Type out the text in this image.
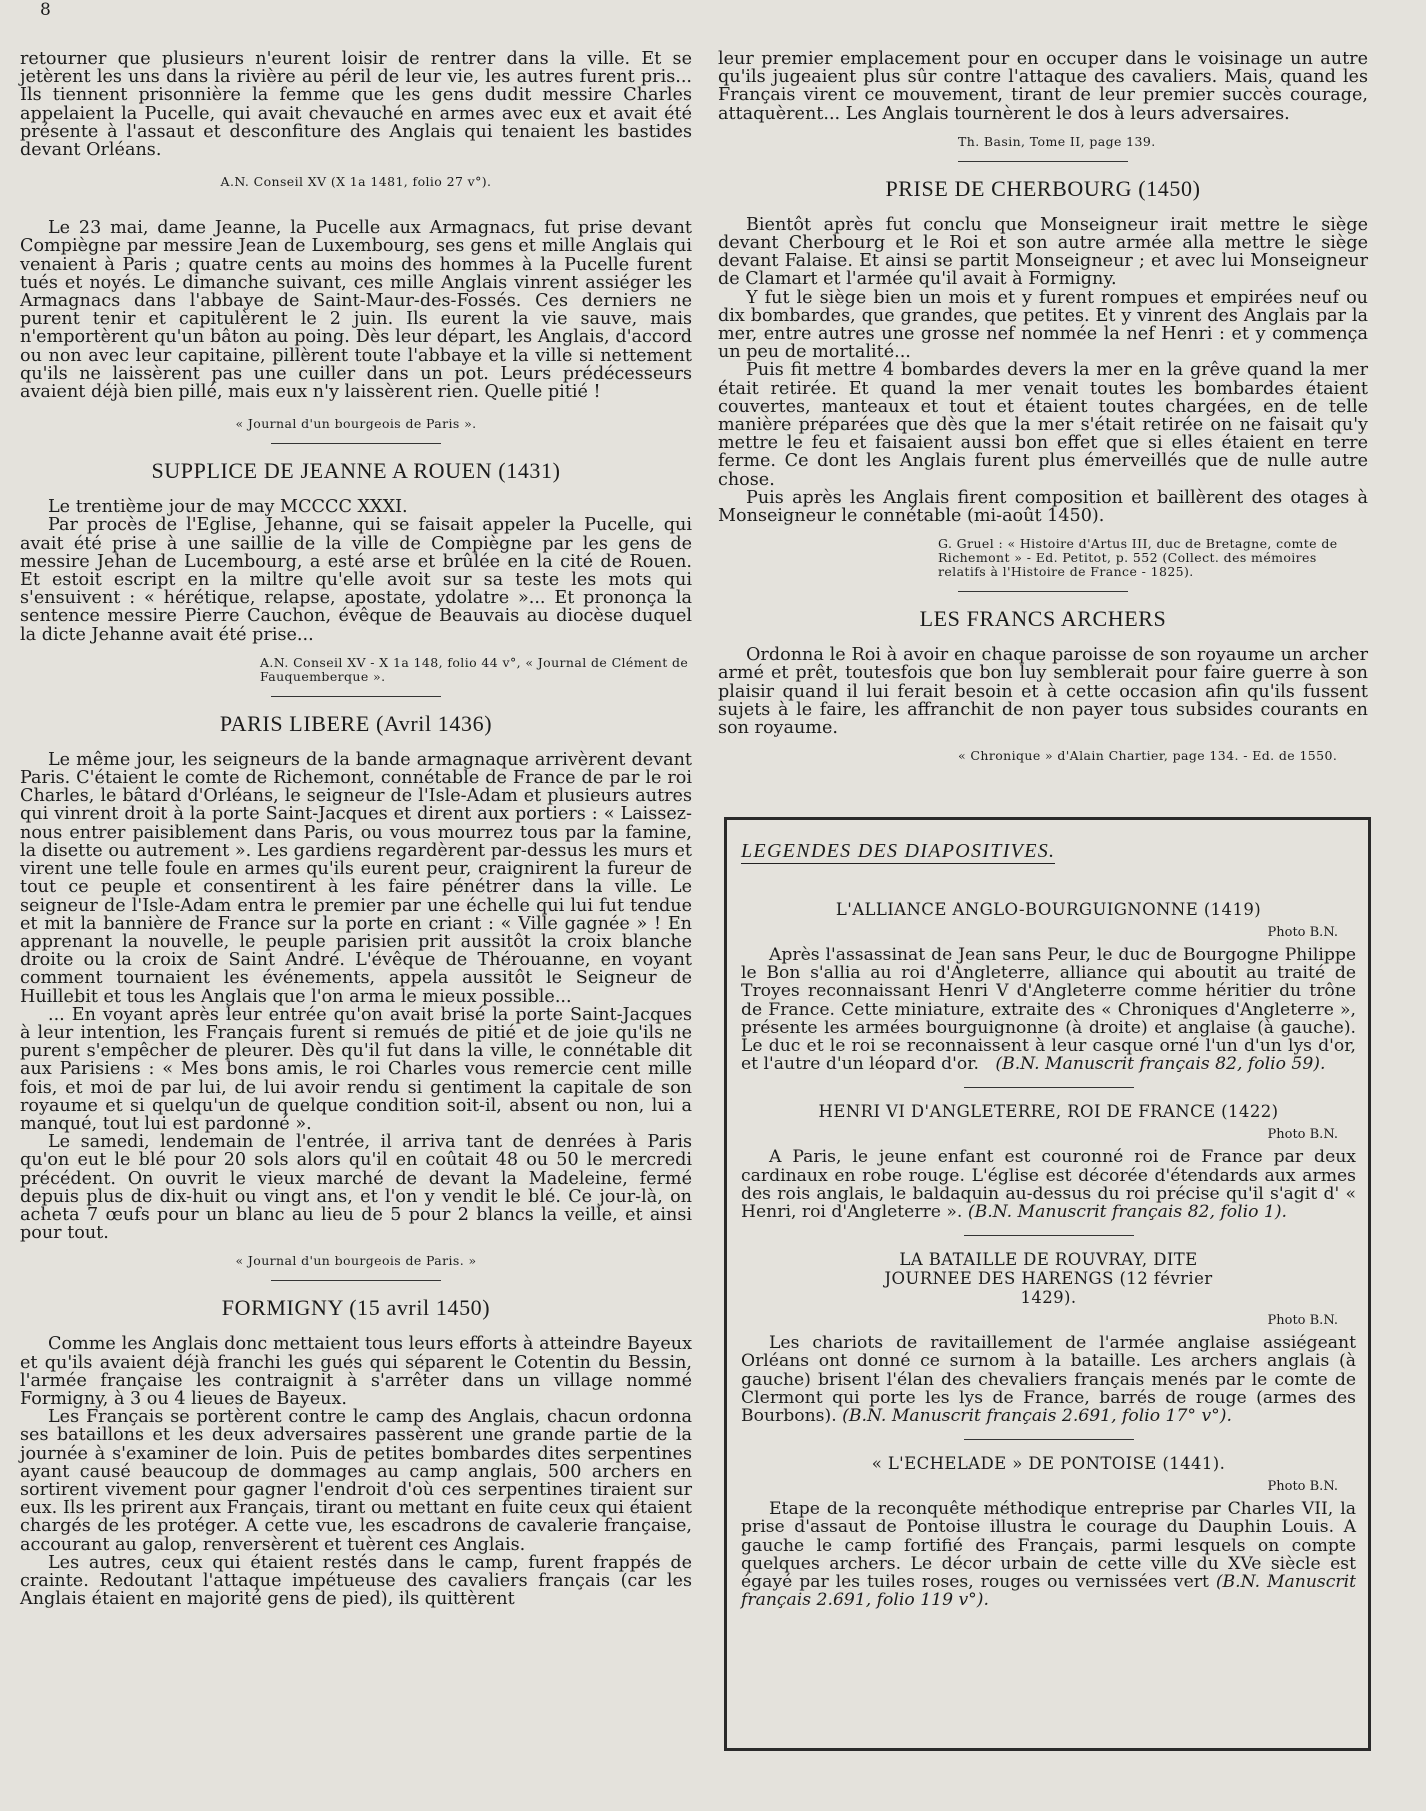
8

retourner que plusieurs n'eurent loisir de rentrer dans la ville. Et se jetèrent les uns dans la rivière au péril de leur vie, les autres furent pris... Ils tiennent prisonnière la femme que les gens dudit messire Charles appelaient la Pucelle, qui avait chevauché en armes avec eux et avait été présente à l'assaut et desconfiture des Anglais qui tenaient les bastides devant Orléans.

A.N. Conseil XV (X 1a 1481, folio 27 v°).

Le 23 mai, dame Jeanne, la Pucelle aux Armagnacs, fut prise devant Compiègne par messire Jean de Luxembourg, ses gens et mille Anglais qui venaient à Paris ; quatre cents au moins des hommes à la Pucelle furent tués et noyés. Le dimanche suivant, ces mille Anglais vinrent assiéger les Armagnacs dans l'abbaye de Saint-Maur-des-Fossés. Ces derniers ne purent tenir et capitulèrent le 2 juin. Ils eurent la vie sauve, mais n'emportèrent qu'un bâton au poing. Dès leur départ, les Anglais, d'accord ou non avec leur capitaine, pillèrent toute l'abbaye et la ville si nettement qu'ils ne laissèrent pas une cuiller dans un pot. Leurs prédécesseurs avaient déjà bien pillé, mais eux n'y laissèrent rien. Quelle pitié !

« Journal d'un bourgeois de Paris ».
SUPPLICE DE JEANNE A ROUEN (1431)

Le trentième jour de may MCCCC XXXI.

Par procès de l'Eglise, Jehanne, qui se faisait appeler la Pucelle, qui avait été prise à une saillie de la ville de Compiègne par les gens de messire Jehan de Lucembourg, a esté arse et brûlée en la cité de Rouen. Et estoit escript en la miltre qu'elle avoit sur sa teste les mots qui s'ensuivent : « hérétique, relapse, apostate, ydolatre »... Et prononça la sentence messire Pierre Cauchon, évêque de Beauvais au diocèse duquel la dicte Jehanne avait été prise...

A.N. Conseil XV - X 1a 148, folio 44 v°, « Journal de Clément de Fauquemberque ».
PARIS LIBERE (Avril 1436)

Le même jour, les seigneurs de la bande armagnaque arrivèrent devant Paris. C'étaient le comte de Richemont, connétable de France de par le roi Charles, le bâtard d'Orléans, le seigneur de l'Isle-Adam et plusieurs autres qui vinrent droit à la porte Saint-Jacques et dirent aux portiers : « Laissez-nous entrer paisiblement dans Paris, ou vous mourrez tous par la famine, la disette ou autrement ». Les gardiens regardèrent par-dessus les murs et virent une telle foule en armes qu'ils eurent peur, craignirent la fureur de tout ce peuple et consentirent à les faire pénétrer dans la ville. Le seigneur de l'Isle-Adam entra le premier par une échelle qui lui fut tendue et mit la bannière de France sur la porte en criant : « Ville gagnée » ! En apprenant la nouvelle, le peuple parisien prit aussitôt la croix blanche droite ou la croix de Saint André. L'évêque de Thérouanne, en voyant comment tournaient les événements, appela aussitôt le Seigneur de Huillebit et tous les Anglais que l'on arma le mieux possible...

... En voyant après leur entrée qu'on avait brisé la porte Saint-Jacques à leur intention, les Français furent si remués de pitié et de joie qu'ils ne purent s'empêcher de pleurer. Dès qu'il fut dans la ville, le connétable dit aux Parisiens : « Mes bons amis, le roi Charles vous remercie cent mille fois, et moi de par lui, de lui avoir rendu si gentiment la capitale de son royaume et si quelqu'un de quelque condition soit-il, absent ou non, lui a manqué, tout lui est pardonné ».

Le samedi, lendemain de l'entrée, il arriva tant de denrées à Paris qu'on eut le blé pour 20 sols alors qu'il en coûtait 48 ou 50 le mercredi précédent. On ouvrit le vieux marché de devant la Madeleine, fermé depuis plus de dix-huit ou vingt ans, et l'on y vendit le blé. Ce jour-là, on acheta 7 œufs pour un blanc au lieu de 5 pour 2 blancs la veille, et ainsi pour tout.

« Journal d'un bourgeois de Paris. »
FORMIGNY (15 avril 1450)

Comme les Anglais donc mettaient tous leurs efforts à atteindre Bayeux et qu'ils avaient déjà franchi les gués qui séparent le Cotentin du Bessin, l'armée française les contraignit à s'arrêter dans un village nommé Formigny, à 3 ou 4 lieues de Bayeux.

Les Français se portèrent contre le camp des Anglais, chacun ordonna ses bataillons et les deux adversaires passèrent une grande partie de la journée à s'examiner de loin. Puis de petites bombardes dites serpentines ayant causé beaucoup de dommages au camp anglais, 500 archers en sortirent vivement pour gagner l'endroit d'où ces serpentines tiraient sur eux. Ils les prirent aux Français, tirant ou mettant en fuite ceux qui étaient chargés de les protéger. A cette vue, les escadrons de cavalerie française, accourant au galop, renversèrent et tuèrent ces Anglais.

Les autres, ceux qui étaient restés dans le camp, furent frappés de crainte. Redoutant l'attaque impétueuse des cavaliers français (car les Anglais étaient en majorité gens de pied), ils quittèrent

leur premier emplacement pour en occuper dans le voisinage un autre qu'ils jugeaient plus sûr contre l'attaque des cavaliers. Mais, quand les Français virent ce mouvement, tirant de leur premier succès courage, attaquèrent... Les Anglais tournèrent le dos à leurs adversaires.

Th. Basin, Tome II, page 139.
PRISE DE CHERBOURG (1450)

Bientôt après fut conclu que Monseigneur irait mettre le siège devant Cherbourg et le Roi et son autre armée alla mettre le siège devant Falaise. Et ainsi se partit Monseigneur ; et avec lui Monseigneur de Clamart et l'armée qu'il avait à Formigny.

Y fut le siège bien un mois et y furent rompues et empirées neuf ou dix bombardes, que grandes, que petites. Et y vinrent des Anglais par la mer, entre autres une grosse nef nommée la nef Henri : et y commença un peu de mortalité...

Puis fit mettre 4 bombardes devers la mer en la grêve quand la mer était retirée. Et quand la mer venait toutes les bombardes étaient couvertes, manteaux et tout et étaient toutes chargées, en de telle manière préparées que dès que la mer s'était retirée on ne faisait qu'y mettre le feu et faisaient aussi bon effet que si elles étaient en terre ferme. Ce dont les Anglais furent plus émerveillés que de nulle autre chose.

Puis après les Anglais firent composition et baillèrent des otages à Monseigneur le connétable (mi-août 1450).

G. Gruel : « Histoire d'Artus III, duc de Bretagne, comte de Richemont » - Ed. Petitot, p. 552 (Collect. des mémoires relatifs à l'Histoire de France - 1825).
LES FRANCS ARCHERS

Ordonna le Roi à avoir en chaque paroisse de son royaume un archer armé et prêt, toutesfois que bon luy semblerait pour faire guerre à son plaisir quand il lui ferait besoin et à cette occasion afin qu'ils fussent sujets à le faire, les affranchit de non payer tous subsides courants en son royaume.

« Chronique » d'Alain Chartier, page 134. - Ed. de 1550.
LEGENDES DES DIAPOSITIVES.
L'ALLIANCE ANGLO-BOURGUIGNONNE (1419)
Photo B.N.

Après l'assassinat de Jean sans Peur, le duc de Bourgogne Philippe le Bon s'allia au roi d'Angleterre, alliance qui aboutit au traité de Troyes reconnaissant Henri V d'Angleterre comme héritier du trône de France. Cette miniature, extraite des « Chroniques d'Angleterre », présente les armées bourguignonne (à droite) et anglaise (à gauche). Le duc et le roi se reconnaissent à leur casque orné l'un d'un lys d'or, et l'autre d'un léopard d'or. (B.N. Manuscrit français 82, folio 59).

HENRI VI D'ANGLETERRE, ROI DE FRANCE (1422)
Photo B.N.

A Paris, le jeune enfant est couronné roi de France par deux cardinaux en robe rouge. L'église est décorée d'étendards aux armes des rois anglais, le baldaquin au-dessus du roi précise qu'il s'agit d' « Henri, roi d'Angleterre ». (B.N. Manuscrit français 82, folio 1).

LA BATAILLE DE ROUVRAY, DITE JOURNEE DES HARENGS (12 février 1429).
Photo B.N.

Les chariots de ravitaillement de l'armée anglaise assiégeant Orléans ont donné ce surnom à la bataille. Les archers anglais (à gauche) brisent l'élan des chevaliers français menés par le comte de Clermont qui porte les lys de France, barrés de rouge (armes des Bourbons). (B.N. Manuscrit français 2.691, folio 17° v°).

« L'ECHELADE » DE PONTOISE (1441).
Photo B.N.

Etape de la reconquête méthodique entreprise par Charles VII, la prise d'assaut de Pontoise illustra le courage du Dauphin Louis. A gauche le camp fortifié des Français, parmi lesquels on compte quelques archers. Le décor urbain de cette ville du XVe siècle est égayé par les tuiles roses, rouges ou vernissées vert (B.N. Manuscrit français 2.691, folio 119 v°).
